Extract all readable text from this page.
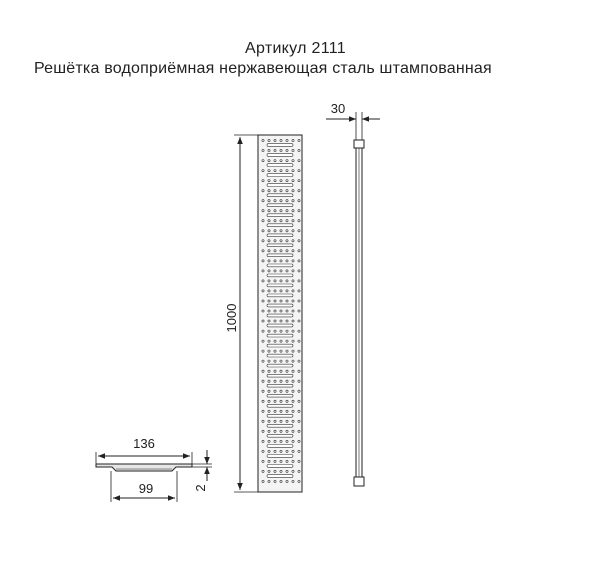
Артикул 2111
Решётка водоприёмная нержавеющая сталь штампованная
1000
30
136
99	2
